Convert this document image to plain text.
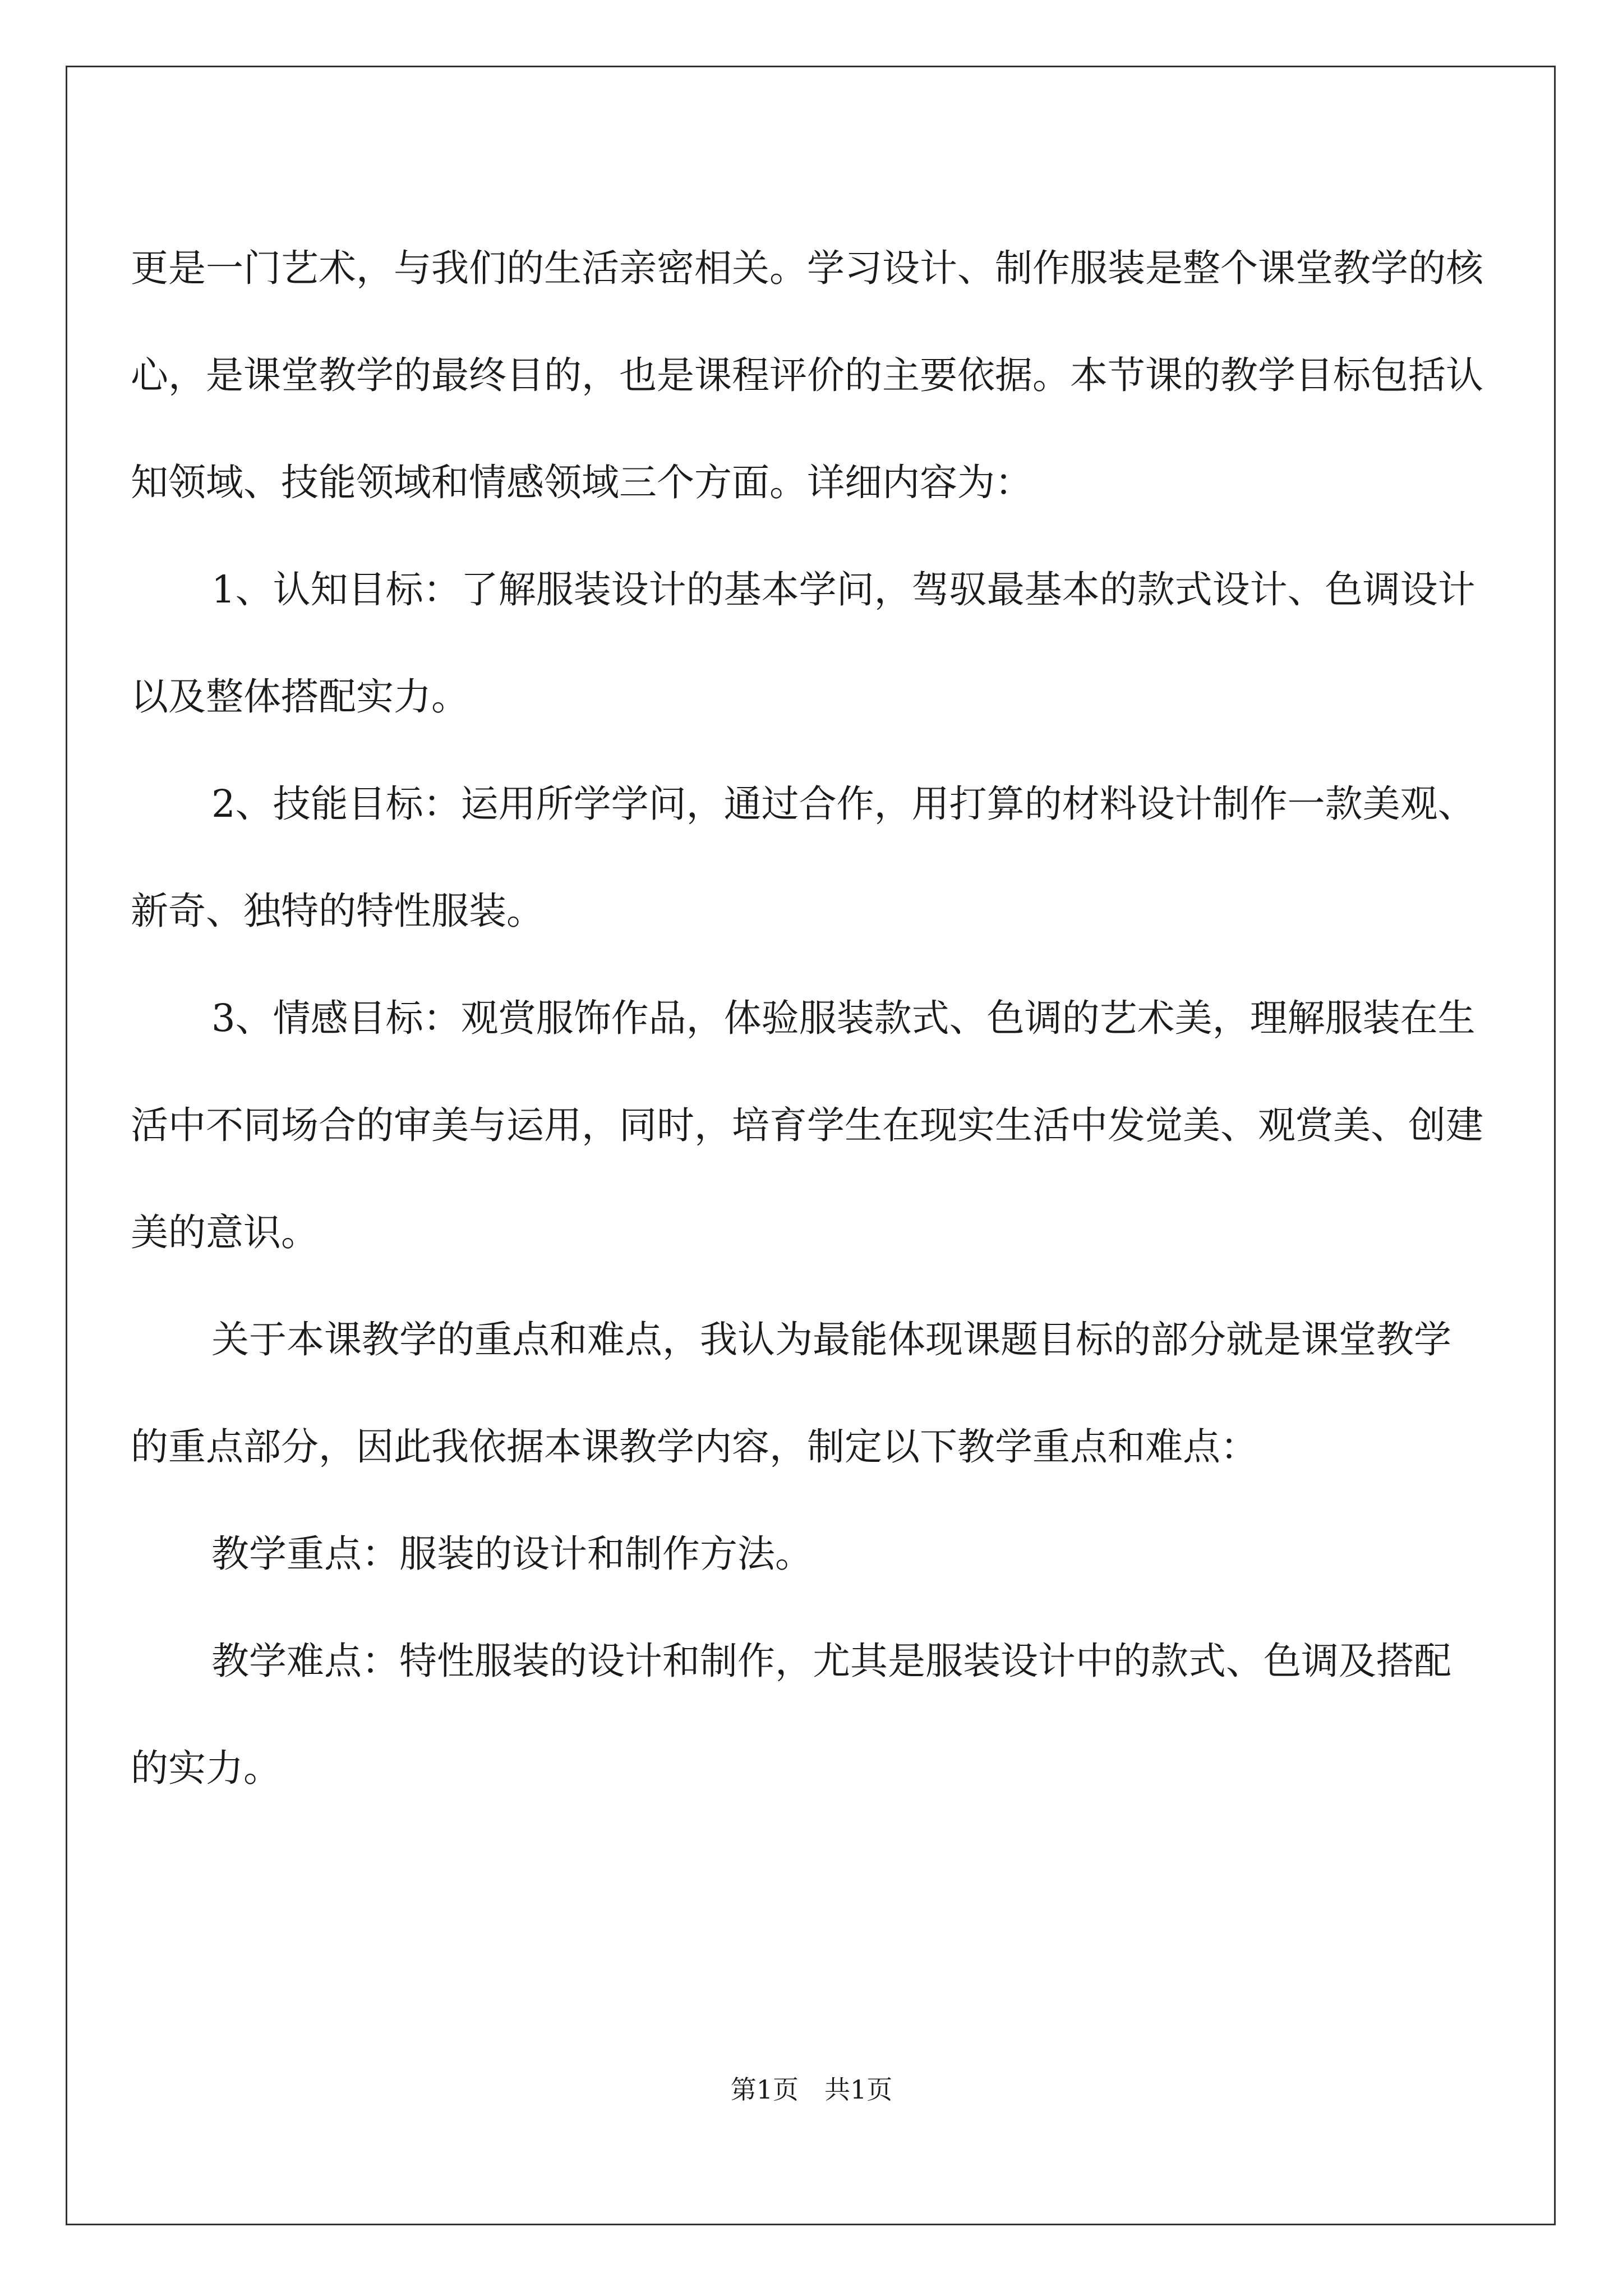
更是一门艺术，与我们的生活亲密相关。学习设计、制作服装是整个课堂教学的核心，是课堂教学的最终目的，也是课程评价的主要依据。本节课的教学目标包括认知领域、技能领域和情感领域三个方面。详细内容为：

1、认知目标：了解服装设计的基本学问，驾驭最基本的款式设计、色调设计以及整体搭配实力。

2、技能目标：运用所学学问，通过合作，用打算的材料设计制作一款美观、新奇、独特的特性服装。

3、情感目标：观赏服饰作品，体验服装款式、色调的艺术美，理解服装在生活中不同场合的审美与运用，同时，培育学生在现实生活中发觉美、观赏美、创建美的意识。

关于本课教学的重点和难点，我认为最能体现课题目标的部分就是课堂教学的重点部分，因此我依据本课教学内容，制定以下教学重点和难点：

教学重点：服装的设计和制作方法。

教学难点：特性服装的设计和制作，尤其是服装设计中的款式、色调及搭配的实力。

第1页　共1页
